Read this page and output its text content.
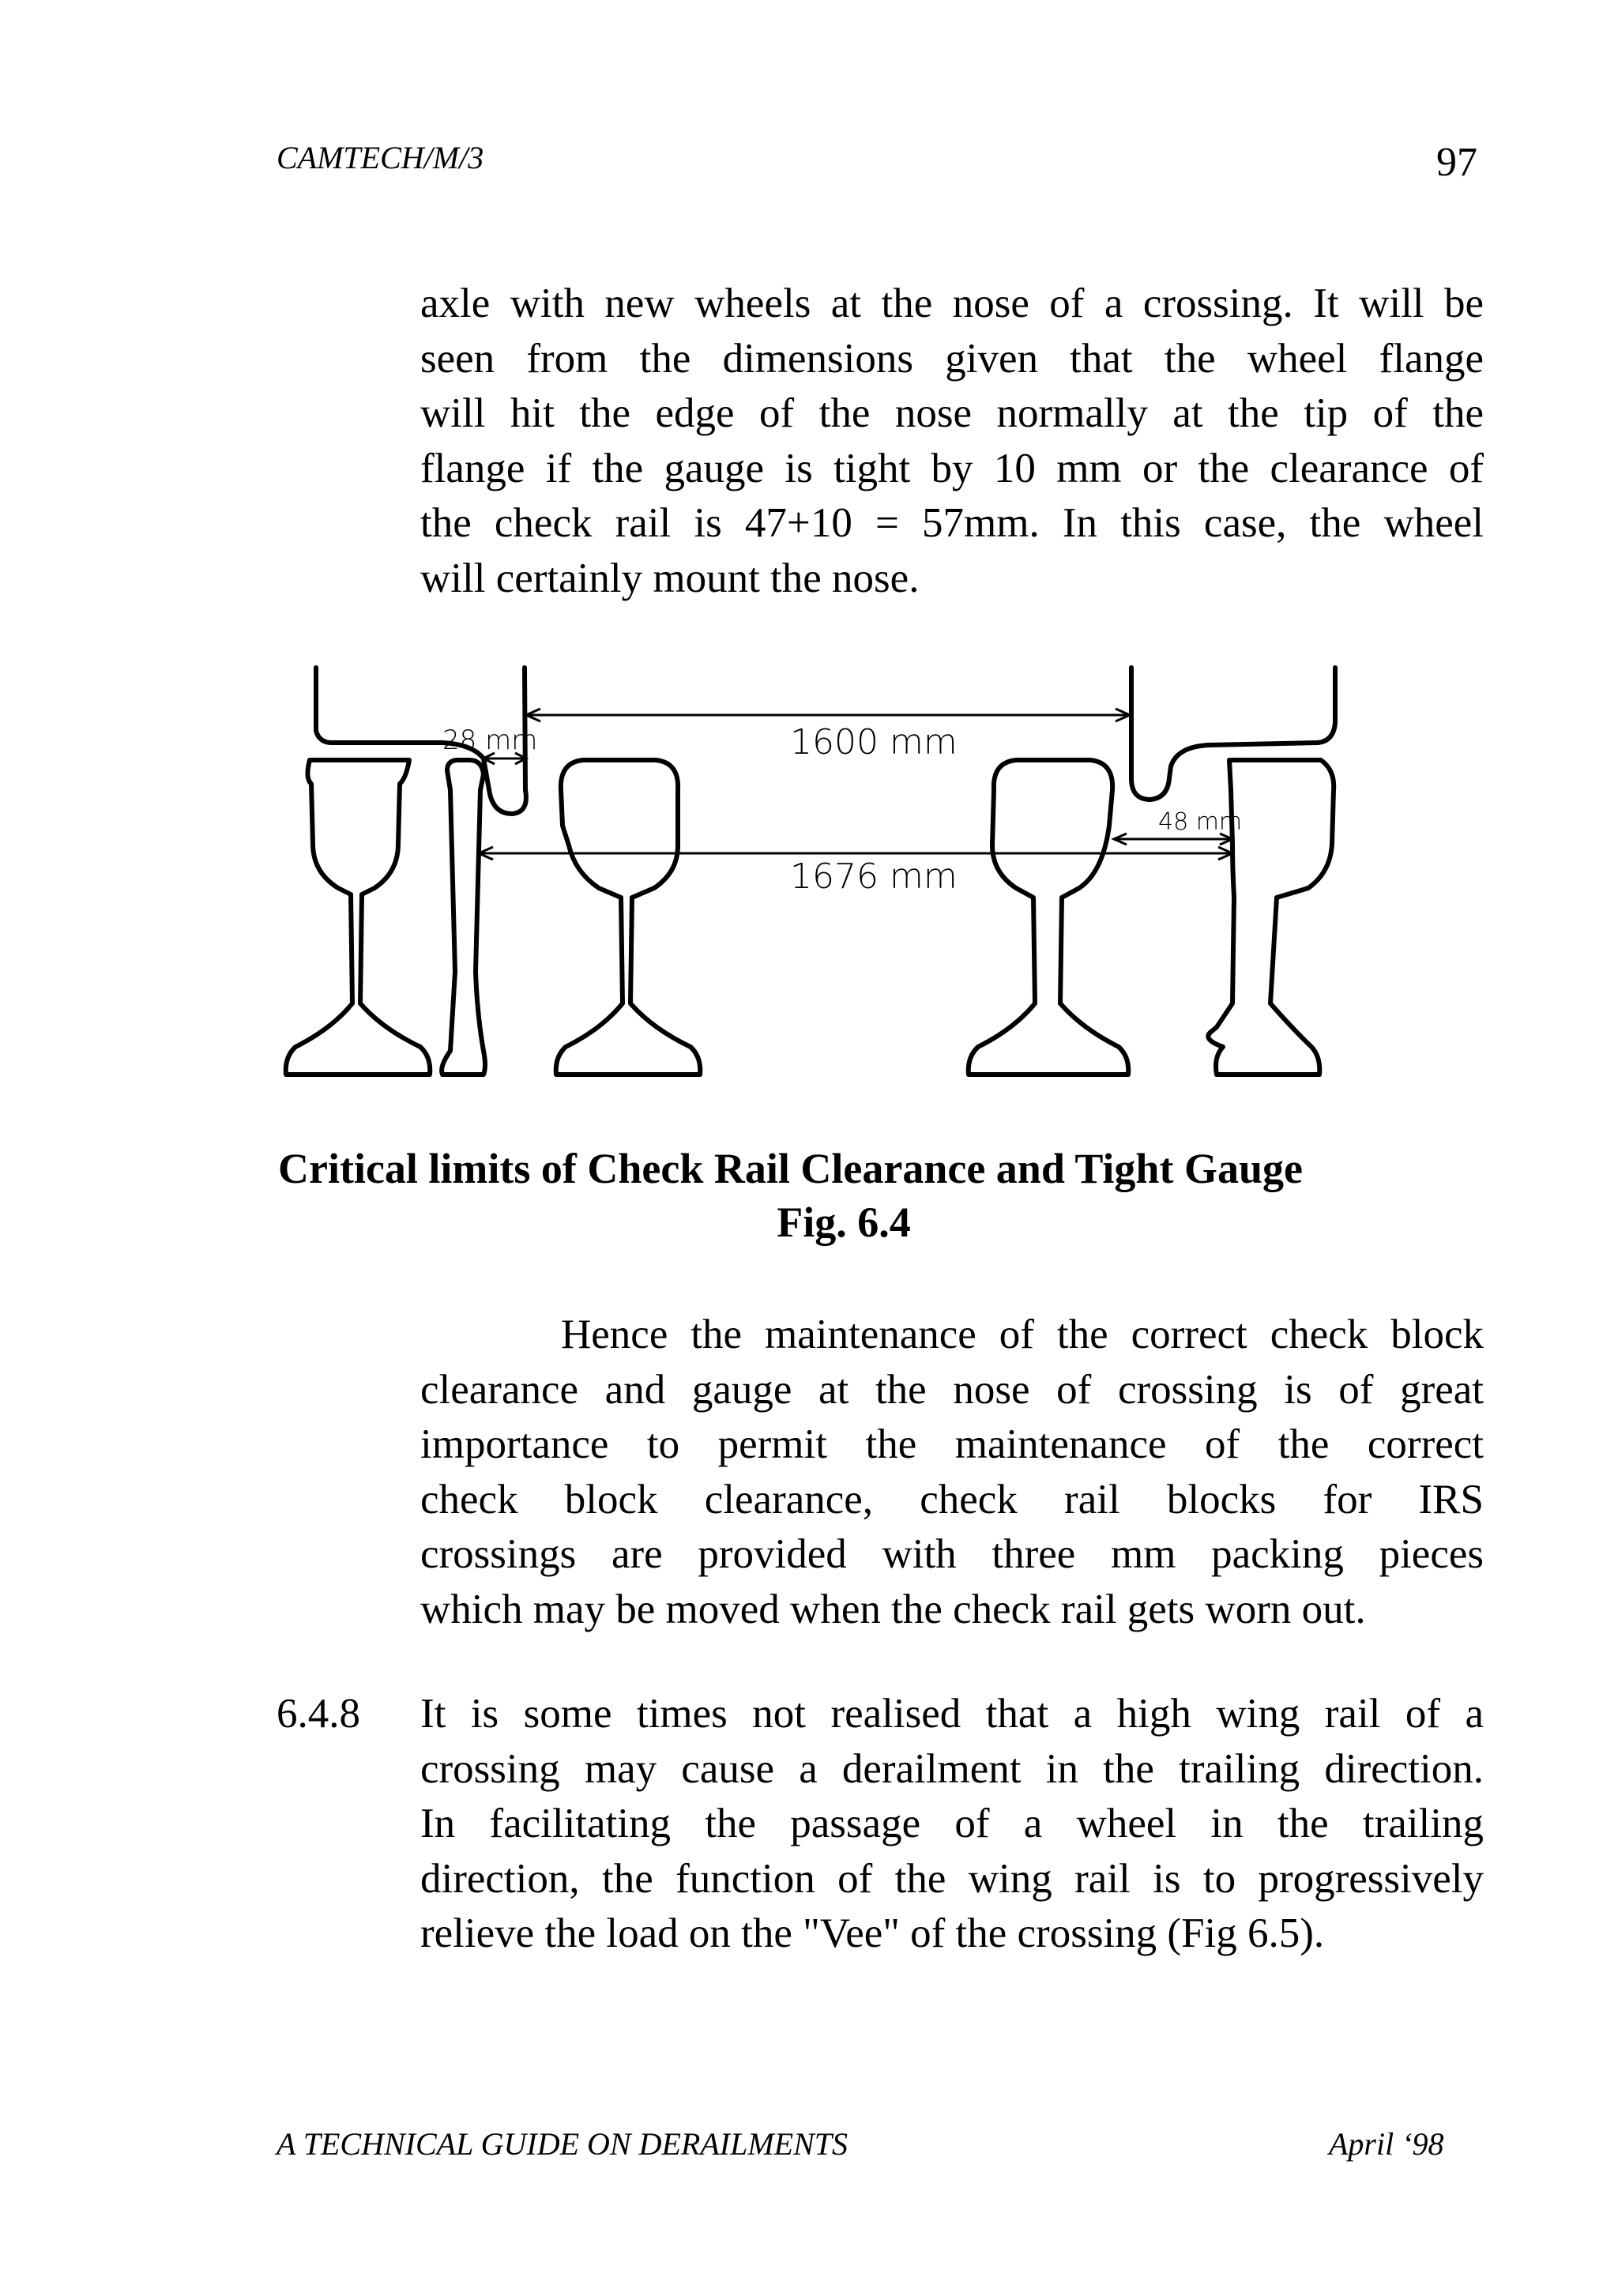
CAMTECH/M/3	97
axle with new wheels at the nose of a crossing. It will be
seen from the dimensions given that the wheel flange
will hit the edge of the nose normally at the tip of the
flange if the gauge is tight by 10 mm or the clearance of
the check rail is 47+10 = 57mm. In this case, the wheel
will certainly mount the nose.
28 mm	1600 mm
1676 mm
48 mm
Critical limits of Check Rail Clearance and Tight Gauge
Fig. 6.4
Hence the maintenance of the correct check block
clearance and gauge at the nose of crossing is of great
importance to permit the maintenance of the correct
check block clearance, check rail blocks for IRS
crossings are provided with three mm packing pieces
which may be moved when the check rail gets worn out.
6.4.8 It is some times not realised that a high wing rail of a
crossing may cause a derailment in the trailing direction.
In facilitating the passage of a wheel in the trailing
direction, the function of the wing rail is to progressively
relieve the load on the "Vee" of the crossing (Fig 6.5).
A TECHNICAL GUIDE ON DERAILMENTS	April ‘98
